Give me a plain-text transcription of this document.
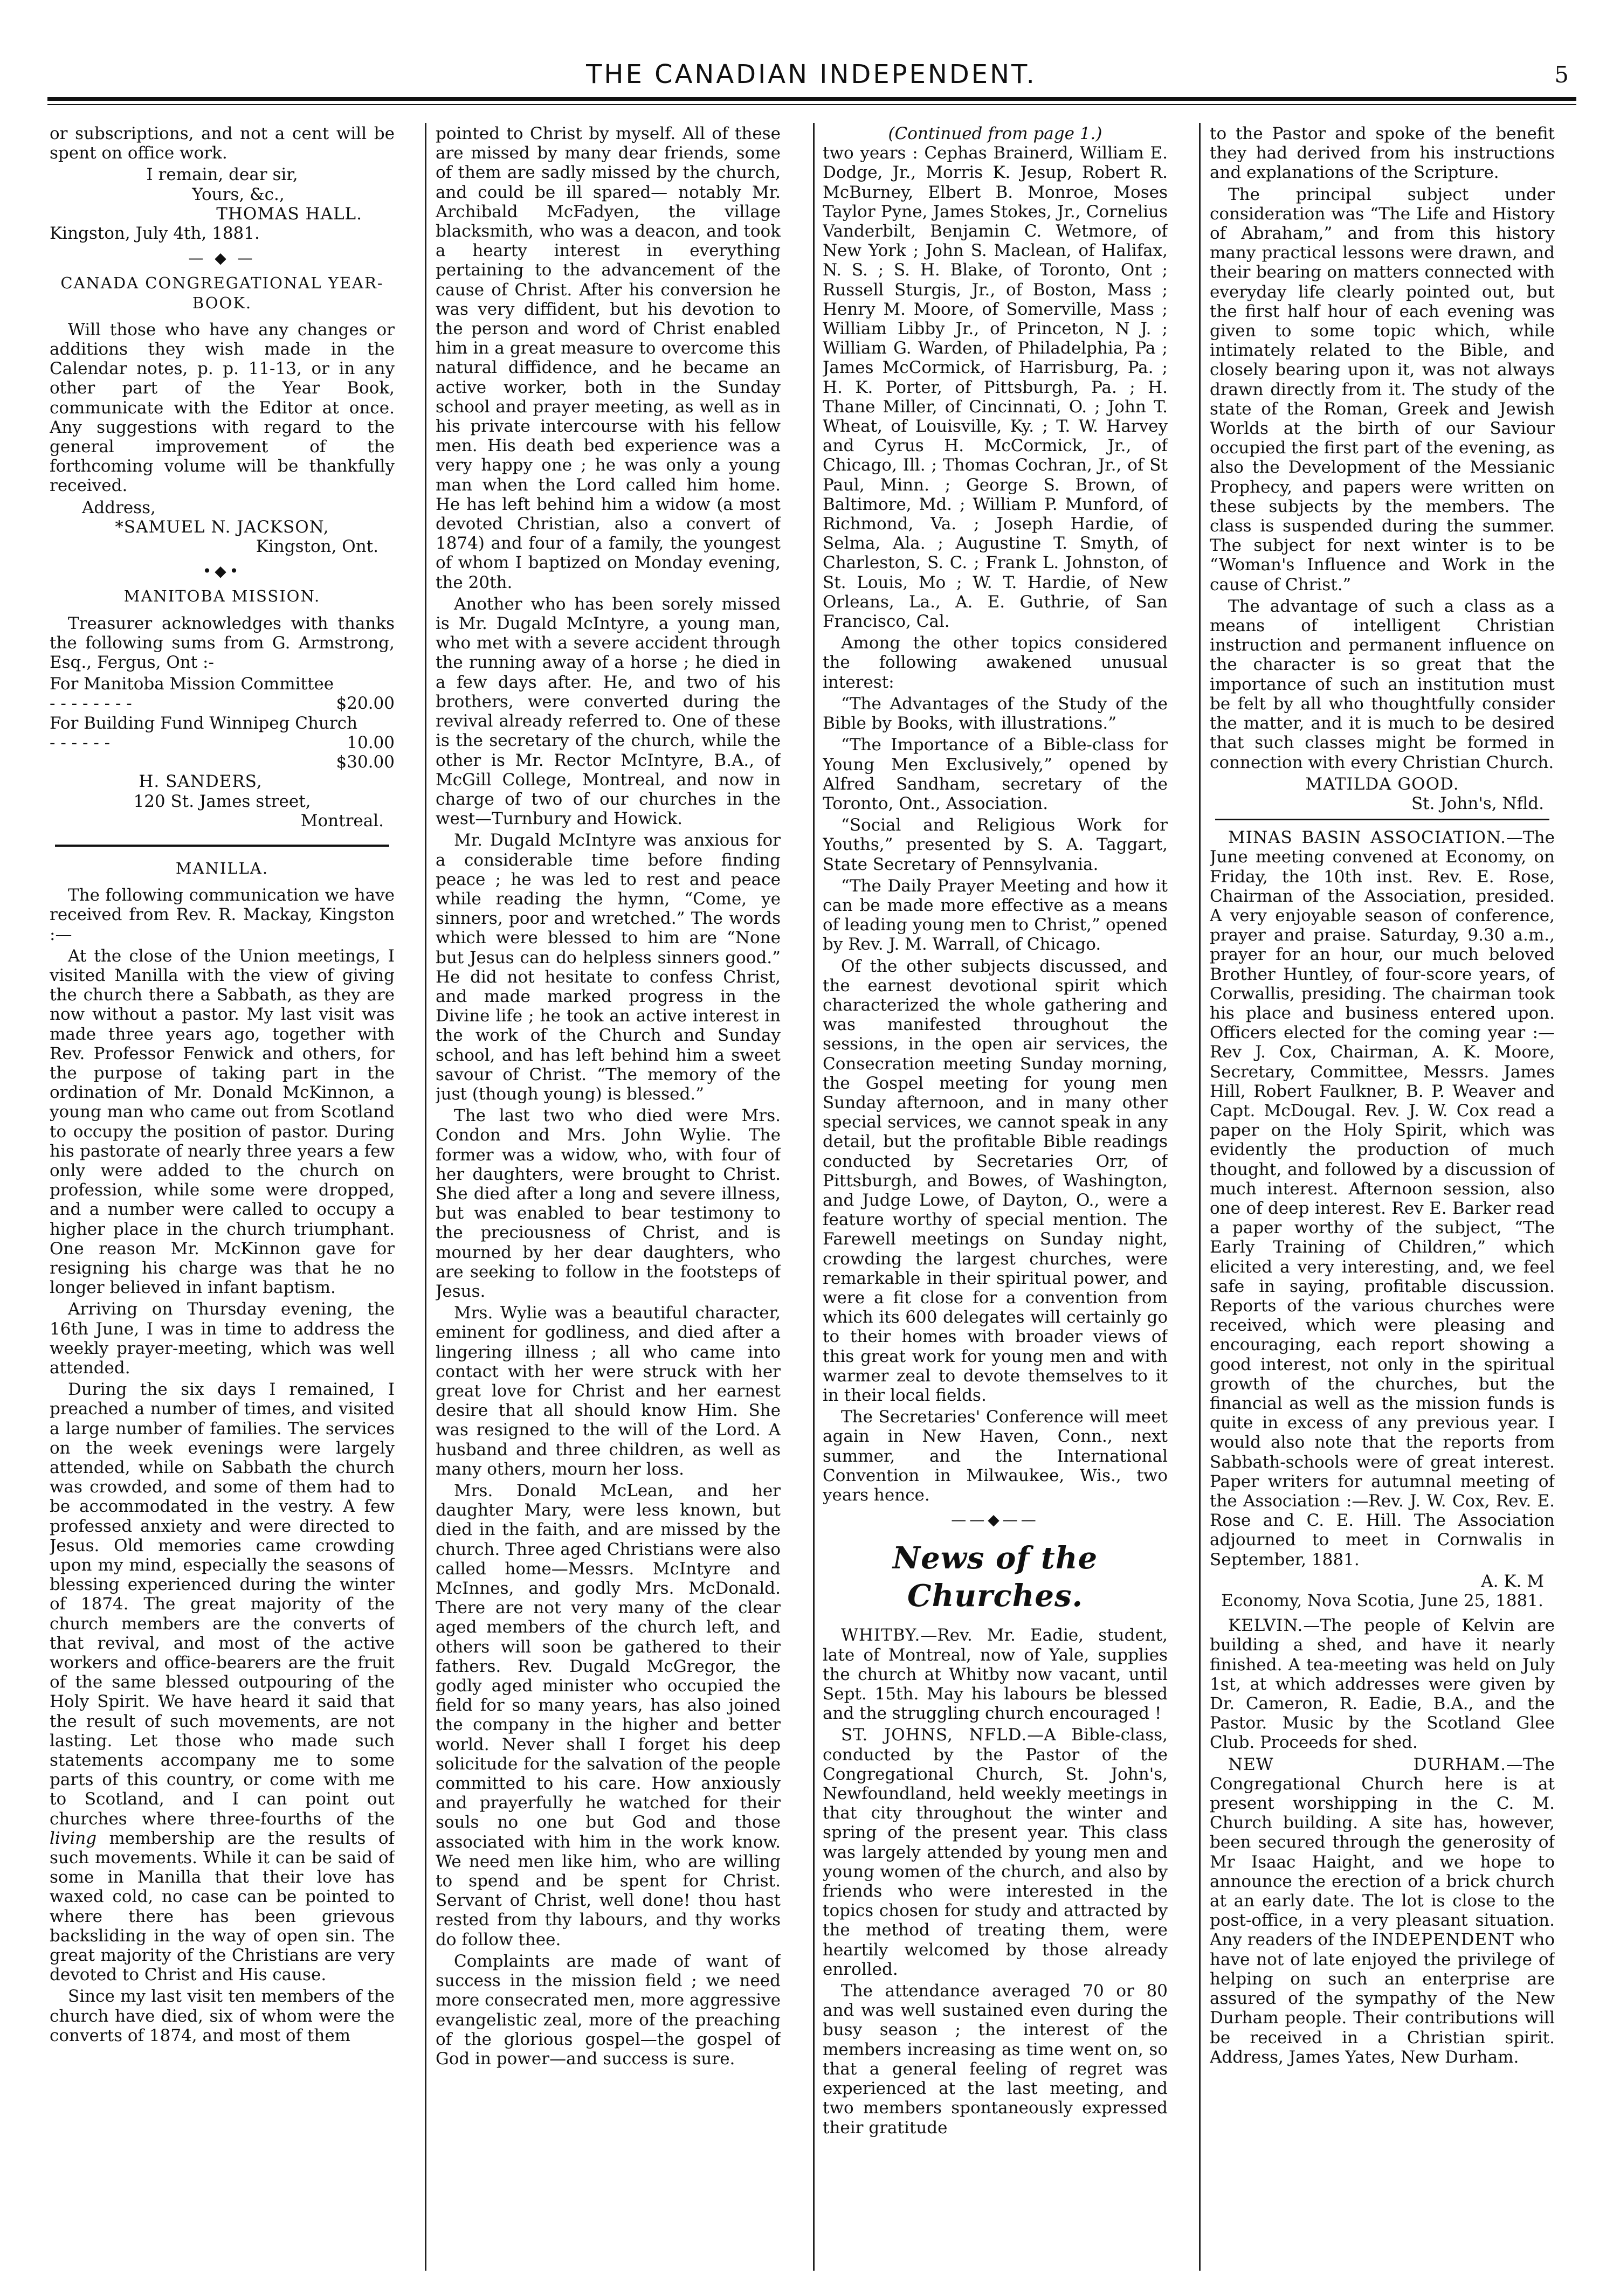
THE CANADIAN INDEPENDENT.	5

or subscriptions, and not a cent will be spent on office work.

I remain, dear sir,
Yours, &c.,
THOMAS HALL.
Kingston, July 4th, 1881.
— ◆ —
CANADA CONGREGATIONAL YEAR-BOOK.

Will those who have any changes or additions they wish made in the Calendar notes, p. p. 11-13, or in any other part of the Year Book, communicate with the Editor at once. Any suggestions with regard to the general improvement of the forthcoming volume will be thankfully received.

Address,
*SAMUEL N. JACKSON,
Kingston, Ont.
•◆•
MANITOBA MISSION.

Treasurer acknowledges with thanks the following sums from G. Armstrong, Esq., Fergus, Ont :-

For Manitoba Mission Committee
- - - - - - - -	$20.00
For Building Fund Winnipeg Church
- - - - - -	10.00
$30.00
H. SANDERS,
120 St. James street,
Montreal.
MANILLA.

The following communication we have received from Rev. R. Mackay, Kingston :—

At the close of the Union meetings, I visited Manilla with the view of giving the church there a Sabbath, as they are now without a pastor. My last visit was made three years ago, together with Rev. Professor Fenwick and others, for the purpose of taking part in the ordination of Mr. Donald McKinnon, a young man who came out from Scotland to occupy the position of pastor. During his pastorate of nearly three years a few only were added to the church on profession, while some were dropped, and a number were called to occupy a higher place in the church triumphant. One reason Mr. McKinnon gave for resigning his charge was that he no longer believed in infant baptism.

Arriving on Thursday evening, the 16th June, I was in time to address the weekly prayer-meeting, which was well attended.

During the six days I remained, I preached a number of times, and visited a large number of families. The services on the week evenings were largely attended, while on Sabbath the church was crowded, and some of them had to be accommodated in the vestry. A few professed anxiety and were directed to Jesus. Old memories came crowding upon my mind, especially the seasons of blessing experienced during the winter of 1874. The great majority of the church members are the converts of that revival, and most of the active workers and office-bearers are the fruit of the same blessed outpouring of the Holy Spirit. We have heard it said that the result of such movements, are not lasting. Let those who made such statements accompany me to some parts of this country, or come with me to Scotland, and I can point out churches where three-fourths of the living membership are the results of such movements. While it can be said of some in Manilla that their love has waxed cold, no case can be pointed to where there has been grievous backsliding in the way of open sin. The great majority of the Christians are very devoted to Christ and His cause.

Since my last visit ten members of the church have died, six of whom were the converts of 1874, and most of them

pointed to Christ by myself. All of these are missed by many dear friends, some of them are sadly missed by the church, and could be ill spared— notably Mr. Archibald McFadyen, the village blacksmith, who was a deacon, and took a hearty interest in everything pertaining to the advancement of the cause of Christ. After his conversion he was very diffident, but his devotion to the person and word of Christ enabled him in a great measure to overcome this natural diffidence, and he became an active worker, both in the Sunday school and prayer meeting, as well as in his private intercourse with his fellow men. His death bed experience was a very happy one ; he was only a young man when the Lord called him home. He has left behind him a widow (a most devoted Christian, also a convert of 1874) and four of a family, the youngest of whom I baptized on Monday evening, the 20th.

Another who has been sorely missed is Mr. Dugald McIntyre, a young man, who met with a severe accident through the running away of a horse ; he died in a few days after. He, and two of his brothers, were converted during the revival already referred to. One of these is the secretary of the church, while the other is Mr. Rector McIntyre, B.A., of McGill College, Montreal, and now in charge of two of our churches in the west—Turnbury and Howick.

Mr. Dugald McIntyre was anxious for a considerable time before finding peace ; he was led to rest and peace while reading the hymn, “Come, ye sinners, poor and wretched.” The words which were blessed to him are “None but Jesus can do helpless sinners good.” He did not hesitate to confess Christ, and made marked progress in the Divine life ; he took an active interest in the work of the Church and Sunday school, and has left behind him a sweet savour of Christ. “The memory of the just (though young) is blessed.”

The last two who died were Mrs. Condon and Mrs. John Wylie. The former was a widow, who, with four of her daughters, were brought to Christ. She died after a long and severe illness, but was enabled to bear testimony to the preciousness of Christ, and is mourned by her dear daughters, who are seeking to follow in the footsteps of Jesus.

Mrs. Wylie was a beautiful character, eminent for godliness, and died after a lingering illness ; all who came into contact with her were struck with her great love for Christ and her earnest desire that all should know Him. She was resigned to the will of the Lord. A husband and three children, as well as many others, mourn her loss.

Mrs. Donald McLean, and her daughter Mary, were less known, but died in the faith, and are missed by the church. Three aged Christians were also called home—Messrs. McIntyre and McInnes, and godly Mrs. McDonald. There are not very many of the clear aged members of the church left, and others will soon be gathered to their fathers. Rev. Dugald McGregor, the godly aged minister who occupied the field for so many years, has also joined the company in the higher and better world. Never shall I forget his deep solicitude for the salvation of the people committed to his care. How anxiously and prayerfully he watched for their souls no one but God and those associated with him in the work know. We need men like him, who are willing to spend and be spent for Christ. Servant of Christ, well done! thou hast rested from thy labours, and thy works do follow thee.

Complaints are made of want of success in the mission field ; we need more consecrated men, more aggressive evangelistic zeal, more of the preaching of the glorious gospel—the gospel of God in power—and success is sure.

(Continued from page 1.)

two years : Cephas Brainerd, William E. Dodge, Jr., Morris K. Jesup, Robert R. McBurney, Elbert B. Monroe, Moses Taylor Pyne, James Stokes, Jr., Cornelius Vanderbilt, Benjamin C. Wetmore, of New York ; John S. Maclean, of Halifax, N. S. ; S. H. Blake, of Toronto, Ont ; Russell Sturgis, Jr., of Boston, Mass ; Henry M. Moore, of Somerville, Mass ; William Libby Jr., of Princeton, N J. ; William G. Warden, of Philadelphia, Pa ; James McCormick, of Harrisburg, Pa. ; H. K. Porter, of Pittsburgh, Pa. ; H. Thane Miller, of Cincinnati, O. ; John T. Wheat, of Louisville, Ky. ; T. W. Harvey and Cyrus H. McCormick, Jr., of Chicago, Ill. ; Thomas Cochran, Jr., of St Paul, Minn. ; George S. Brown, of Baltimore, Md. ; William P. Munford, of Richmond, Va. ; Joseph Hardie, of Selma, Ala. ; Augustine T. Smyth, of Charleston, S. C. ; Frank L. Johnston, of St. Louis, Mo ; W. T. Hardie, of New Orleans, La., A. E. Guthrie, of San Francisco, Cal.

Among the other topics considered the following awakened unusual interest:

“The Advantages of the Study of the Bible by Books, with illustrations.”

“The Importance of a Bible-class for Young Men Exclusively,” opened by Alfred Sandham, secretary of the Toronto, Ont., Association.

“Social and Religious Work for Youths,” presented by S. A. Taggart, State Secretary of Pennsylvania.

“The Daily Prayer Meeting and how it can be made more effective as a means of leading young men to Christ,” opened by Rev. J. M. Warrall, of Chicago.

Of the other subjects discussed, and the earnest devotional spirit which characterized the whole gathering and was manifested throughout the sessions, in the open air services, the Consecration meeting Sunday morning, the Gospel meeting for young men Sunday afternoon, and in many other special services, we cannot speak in any detail, but the profitable Bible readings conducted by Secretaries Orr, of Pittsburgh, and Bowes, of Washington, and Judge Lowe, of Dayton, O., were a feature worthy of special mention. The Farewell meetings on Sunday night, crowding the largest churches, were remarkable in their spiritual power, and were a fit close for a convention from which its 600 delegates will certainly go to their homes with broader views of this great work for young men and with warmer zeal to devote themselves to it in their local fields.

The Secretaries' Conference will meet again in New Haven, Conn., next summer, and the International Convention in Milwaukee, Wis., two years hence.

——◆——
News of the Churches.

WHITBY.—Rev. Mr. Eadie, student, late of Montreal, now of Yale, supplies the church at Whitby now vacant, until Sept. 15th. May his labours be blessed and the struggling church encouraged !

ST. JOHNS, NFLD.—A Bible-class, conducted by the Pastor of the Congregational Church, St. John's, Newfoundland, held weekly meetings in that city throughout the winter and spring of the present year. This class was largely attended by young men and young women of the church, and also by friends who were interested in the topics chosen for study and attracted by the method of treating them, were heartily welcomed by those already enrolled.

The attendance averaged 70 or 80 and was well sustained even during the busy season ; the interest of the members increasing as time went on, so that a general feeling of regret was experienced at the last meeting, and two members spontaneously expressed their gratitude

to the Pastor and spoke of the benefit they had derived from his instructions and explanations of the Scripture.

The principal subject under consideration was “The Life and History of Abraham,” and from this history many practical lessons were drawn, and their bearing on matters connected with everyday life clearly pointed out, but the first half hour of each evening was given to some topic which, while intimately related to the Bible, and closely bearing upon it, was not always drawn directly from it. The study of the state of the Roman, Greek and Jewish Worlds at the birth of our Saviour occupied the first part of the evening, as also the Development of the Messianic Prophecy, and papers were written on these subjects by the members. The class is suspended during the summer. The subject for next winter is to be “Woman's Influence and Work in the cause of Christ.”

The advantage of such a class as a means of intelligent Christian instruction and permanent influence on the character is so great that the importance of such an institution must be felt by all who thoughtfully consider the matter, and it is much to be desired that such classes might be formed in connection with every Christian Church.

MATILDA GOOD.
St. John's, Nfld.

MINAS BASIN ASSOCIATION.—The June meeting convened at Economy, on Friday, the 10th inst. Rev. E. Rose, Chairman of the Association, presided. A very enjoyable season of conference, prayer and praise. Saturday, 9.30 a.m., prayer for an hour, our much beloved Brother Huntley, of four-score years, of Corwallis, presiding. The chairman took his place and business entered upon. Officers elected for the coming year :—Rev J. Cox, Chairman, A. K. Moore, Secretary, Committee, Messrs. James Hill, Robert Faulkner, B. P. Weaver and Capt. McDougal. Rev. J. W. Cox read a paper on the Holy Spirit, which was evidently the production of much thought, and followed by a discussion of much interest. Afternoon session, also one of deep interest. Rev E. Barker read a paper worthy of the subject, “The Early Training of Children,” which elicited a very interesting, and, we feel safe in saying, profitable discussion. Reports of the various churches were received, which were pleasing and encouraging, each report showing a good interest, not only in the spiritual growth of the churches, but the financial as well as the mission funds is quite in excess of any previous year. I would also note that the reports from Sabbath-schools were of great interest. Paper writers for autumnal meeting of the Association :—Rev. J. W. Cox, Rev. E. Rose and C. E. Hill. The Association adjourned to meet in Cornwalis in September, 1881.

A. K. M
Economy, Nova Scotia, June 25, 1881.

KELVIN.—The people of Kelvin are building a shed, and have it nearly finished. A tea-meeting was held on July 1st, at which addresses were given by Dr. Cameron, R. Eadie, B.A., and the Pastor. Music by the Scotland Glee Club. Proceeds for shed.

NEW DURHAM.—The Congregational Church here is at present worshipping in the C. M. Church building. A site has, however, been secured through the generosity of Mr Isaac Haight, and we hope to announce the erection of a brick church at an early date. The lot is close to the post-office, in a very pleasant situation. Any readers of the INDEPENDENT who have not of late enjoyed the privilege of helping on such an enterprise are assured of the sympathy of the New Durham people. Their contributions will be received in a Christian spirit. Address, James Yates, New Durham.
